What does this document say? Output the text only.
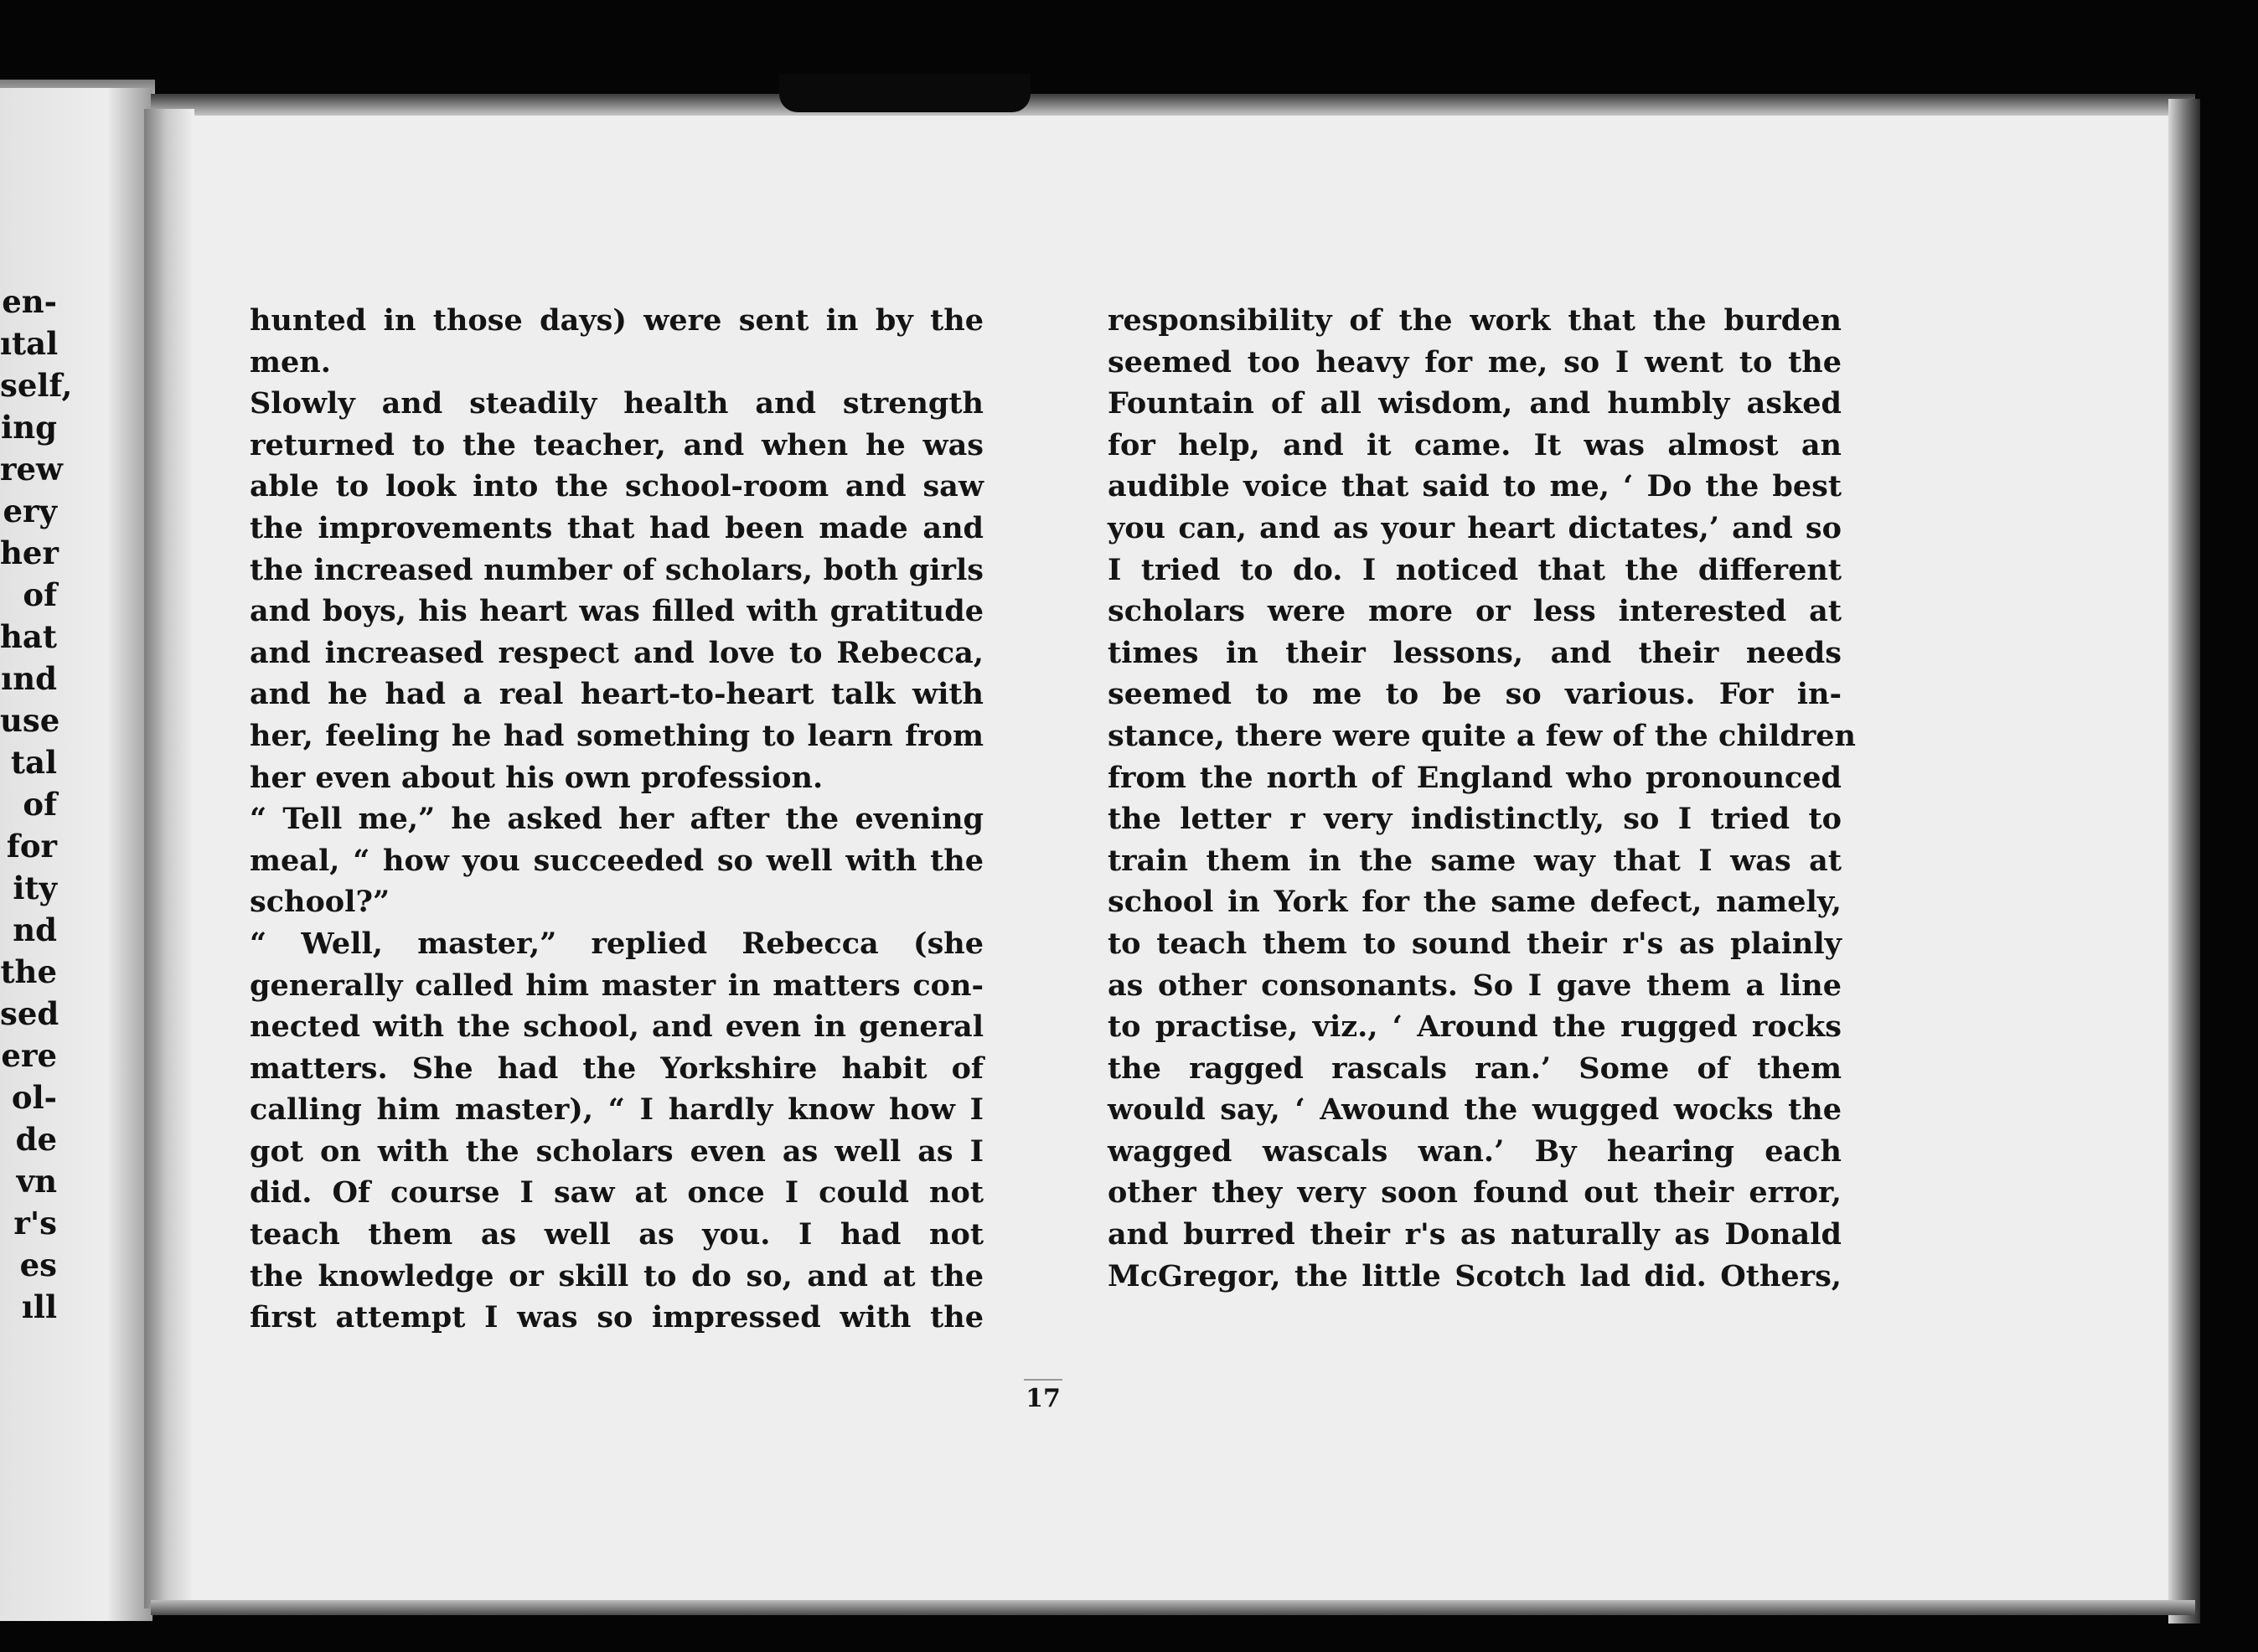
en-
ıtal
self,
ing
rew
ery
her
of
hat
ınd
use
tal
of
for
ity
nd
the
sed
ere
ol-
de
vn
r's
es
ıll
hunted in those days) were sent in by the
men.
Slowly and steadily health and strength
returned to the teacher, and when he was
able to look into the school-room and saw
the improvements that had been made and
the increased number of scholars, both girls
and boys, his heart was filled with gratitude
and increased respect and love to Rebecca,
and he had a real heart-to-heart talk with
her, feeling he had something to learn from
her even about his own profession.
“ Tell me,” he asked her after the evening
meal, “ how you succeeded so well with the
school?”
“ Well, master,” replied Rebecca (she
generally called him master in matters con-
nected with the school, and even in general
matters. She had the Yorkshire habit of
calling him master), “ I hardly know how I
got on with the scholars even as well as I
did. Of course I saw at once I could not
teach them as well as you. I had not
the knowledge or skill to do so, and at the
first attempt I was so impressed with the
responsibility of the work that the burden
seemed too heavy for me, so I went to the
Fountain of all wisdom, and humbly asked
for help, and it came. It was almost an
audible voice that said to me, ‘ Do the best
you can, and as your heart dictates,’ and so
I tried to do. I noticed that the different
scholars were more or less interested at
times in their lessons, and their needs
seemed to me to be so various. For in-
stance, there were quite a few of the children
from the north of England who pronounced
the letter r very indistinctly, so I tried to
train them in the same way that I was at
school in York for the same defect, namely,
to teach them to sound their r's as plainly
as other consonants. So I gave them a line
to practise, viz., ‘ Around the rugged rocks
the ragged rascals ran.’ Some of them
would say, ‘ Awound the wugged wocks the
wagged wascals wan.’ By hearing each
other they very soon found out their error,
and burred their r's as naturally as Donald
McGregor, the little Scotch lad did. Others,
17
